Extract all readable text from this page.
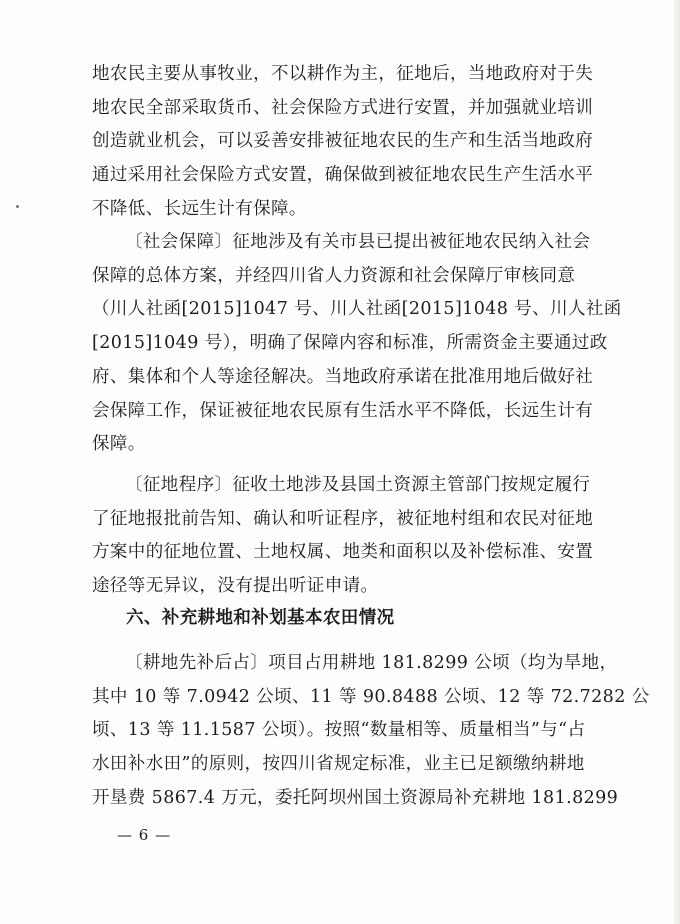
地农民主要从事牧业，不以耕作为主，征地后，当地政府对于失
地农民全部采取货币、社会保险方式进行安置，并加强就业培训
创造就业机会，可以妥善安排被征地农民的生产和生活当地政府
通过采用社会保险方式安置，确保做到被征地农民生产生活水平
不降低、长远生计有保障。
〔社会保障〕征地涉及有关市县已提出被征地农民纳入社会
保障的总体方案，并经四川省人力资源和社会保障厅审核同意
（川人社函[2015]1047 号、川人社函[2015]1048 号、川人社函
[2015]1049 号），明确了保障内容和标准，所需资金主要通过政
府、集体和个人等途径解决。当地政府承诺在批准用地后做好社
会保障工作，保证被征地农民原有生活水平不降低，长远生计有
保障。
〔征地程序〕征收土地涉及县国土资源主管部门按规定履行
了征地报批前告知、确认和听证程序，被征地村组和农民对征地
方案中的征地位置、土地权属、地类和面积以及补偿标准、安置
途径等无异议，没有提出听证申请。
六、补充耕地和补划基本农田情况
〔耕地先补后占〕项目占用耕地 181.8299 公顷（均为旱地，
其中 10 等 7.0942 公顷、11 等 90.8488 公顷、12 等 72.7282 公
顷、13 等 11.1587 公顷）。按照“数量相等、质量相当”与“占
水田补水田”的原则，按四川省规定标准，业主已足额缴纳耕地
开垦费 5867.4 万元，委托阿坝州国土资源局补充耕地 181.8299
— 6 —
